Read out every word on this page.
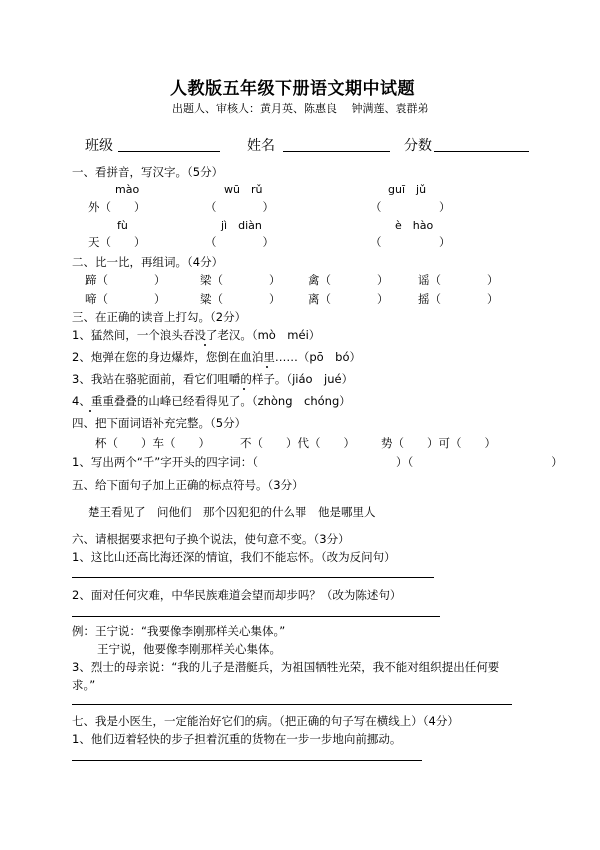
人教版五年级下册语文期中试题
出题人、审核人：黄月英、陈惠良　 钟满莲、袁群弟
班级	姓名	分数
一、看拼音，写汉字。（5分）
mào	wū　rǔ	guī　jǔ
外（　　）	（　　　　）	（　　　　　）
fù	jì　diàn	è　hào
天（　　）	（　　　　）	（　　　　　）
二、比一比，再组词。（4分）
蹄（　　　　）	梁（　　　　） 禽（　　　　）	谣（　　　　）
啼（　　　　）	粱（　　　　） 离（　　　　）	摇（　　　　）
三、在正确的读音上打勾。（2分）
1、猛然间，一个浪头吞没了老汉。（mò　méi）
2、炮弹在您的身边爆炸，您倒在血泊里……（pō　bó）
3、我站在骆驼面前，看它们咀嚼的样子。（jiáo　jué）
4、重重叠叠的山峰已经看得见了。（zhòng　chóng）
四、把下面词语补充完整。（5分）
杯（　　）车（　　）	不（　　）代（　　） 势（　　）可（　　）
1、写出两个“千”字开头的四字词：（　　　　　　　　　　　　）（　　　　　　　　　　　　）
五、给下面句子加上正确的标点符号。（3分）
楚王看见了　问他们　那个囚犯犯的什么罪　他是哪里人
六、请根据要求把句子换个说法，使句意不变。（3分）
1、这比山还高比海还深的情谊，我们不能忘怀。（改为反问句）
2、面对任何灾难，中华民族难道会望而却步吗？（改为陈述句）
例：王宁说：“我要像李刚那样关心集体。”
王宁说，他要像李刚那样关心集体。
3、烈士的母亲说：“我的儿子是潜艇兵，为祖国牺牲光荣，我不能对组织提出任何要
求。”
七、我是小医生，一定能治好它们的病。（把正确的句子写在横线上）（4分）
1、他们迈着轻快的步子担着沉重的货物在一步一步地向前挪动。
